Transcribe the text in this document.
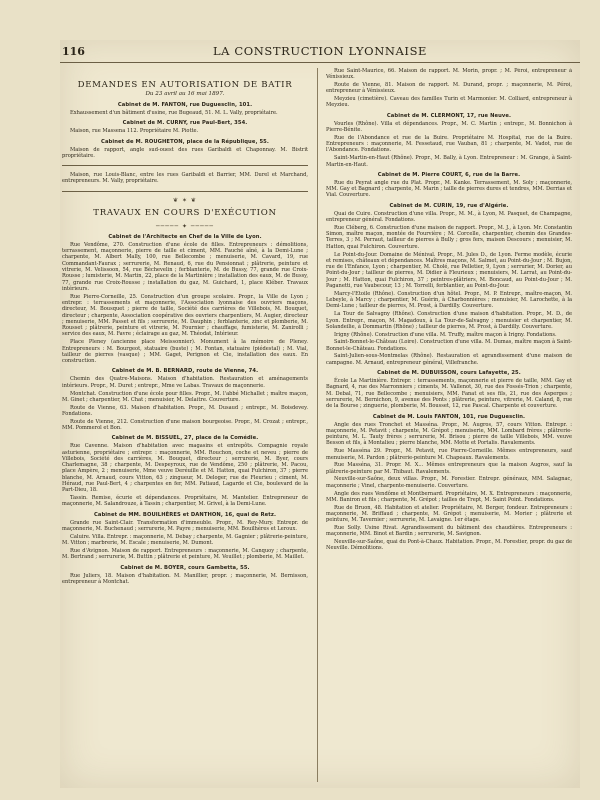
116	LA CONSTRUCTION LYONNAISE
DEMANDES EN AUTORISATION DE BATIR
Du 23 avril au 16 mai 1897.
Cabinet de M. FANTON, rue Duguesclin, 101.

Exhaussement d'un bâtiment d'usine, rue Bugeaud, 51. M. L. Vally, propriétaire.

Cabinet de M. CURNY, rue Paul-Bert, 354.

Maison, rue Massena 112. Propriétaire M. Piotte.

Cabinet de M. ROUGHETON, place de la République, 55.

Maison de rapport, angle sud-ouest des rues Garibaldi et Chaponnay. M. Bistrit propriétaire.

Maison, rue Louis-Blanc, entre les rues Garibaldi et Barrier, MM. Durel et Marchand, entrepreneurs. M. Vally, propriétaire.

❦ ✶ ❦
TRAVAUX EN COURS D'EXÉCUTION
───── ✦ ─────
Cabinet de l'Architecte en Chef de la Ville de Lyon.

Rue Vendôme, 270. Construction d'une école de filles. Entrepreneurs : démolitions, terrassement, maçonnerie, pierre de taille et ciment, MM. Fauché aîné, à la Demi-Lune ; charpente, M. Albert Mally, 100, rue Bellecombe ; menuiserie, M. Cavard, 19, rue Commandant-Faurax ; serrurerie, M. Renaud, 6, rue du Pensionnat ; plâtrerie, peinture et vitrerie, M. Velissoon, 54, rue Bèchevelin ; ferblanterie, M. de Bussy, 77, grande rue Croix-Rousse ; lumisterie, M. Martin, 22, place de la Martinière ; installation des eaux, M. de Bussy, 77, grande rue Croix-Rousse ; installation du gaz, M. Guichard, 1, place Kléber. Travaux intérieurs.

Rue Pierre-Corneille, 25. Construction d'un groupe scolaire. Propr., la Ville de Lyon ; entrepr. : terrassements et maçonnerie, l'Association lyonnaise des ouvriers maçons, directeur, M. Bousquet ; pierre de taille, Société des carrières de Villebois, M. Bouquet, directeur ; charpente, Association coopérative des ouvriers charpentiers, M. Augier, directeur ; menuiserie, MM. Passet et fils ; serrurerie, M. Dauphin ; ferblanterie, zinc et plomberie, M. Rousset ; plâtrerie, peinture et vitrerie, M. Fournier ; chauffage, fumisterie, M. Zanirolli ; service des eaux, M. Favre ; éclairage au gaz, M. Théodat, Intérieur.

Place Pleney (ancienne place Meissonnier). Monument à la mémoire de Pleney. Entrepreneurs : M. Bourgeot, statuaire (buste) ; M. Fontan, statuaire (piédestal) ; M. Vial, tailleur de pierres (vasque) ; MM. Gaget, Perignon et Cie, installation des eaux. En construction.

Cabinet de M. B. BERNARD, route de Vienne, 74.

Chemin des Quatre-Maisons. Maison d'habitation. Restauration et aménagements intérieurs. Propr., M. Duret ; entrepr., Mme ve Labas. Travaux de maçonnerie.

Montchat. Construction d'une école pour filles. Propr., M. l'abbé Michallet ; maître maçon, M. Ginet ; charpentier, M. Chat ; menuisier, M. Delaitre. Couverture.

Route de Vienne, 63. Maison d'habitation. Propr., M. Dusaud ; entrepr., M. Boisdevey. Fondations.

Route de Vienne, 212. Construction d'une maison bourgeoise. Propr., M. Crozat ; entrepr., MM. Pommerol et Bon.

Cabinet de M. BISSUEL, 27, place de la Comédie.

Rue Cavenne. Maison d'habitation avec magasins et entrepôts. Compagnie royale asturienne, propriétaire ; entrepr. : maçonnerie, MM. Rouchon, coche et neveu ; pierre de Villebois, Société des carrières, M. Bouquet, directeur ; serrurerie, M. Byer, cours Charlemagne, 38 ; charpente, M. Despeyroux, rue de Vendôme, 250 ; plâtrerie, M. Pacou, place Ampère, 2 ; menuiserie, Mme veuve Deréuille et M. Hatton, quai Fulchiron, 37 ; pierre blanche, M. Arnaud, cours Vitton, 63 ; zingueur, M. Deloger, rue de Fleurieu ; ciment, M. Héraud, rue Paul-Bert, 4 ; charpentes en fer, MM. Patiaud, Lagarde et Cie, boulevard de la Part-Dieu, 18.

Tassin. Remise, écurie et dépendances. Propriétaire, M. Mantelier. Entrepreneur de maçonnerie, M. Salandrouze, à Tassin ; charpentier, M. Grivel, à la Demi-Lune.

Cabinet de MM. BOUILHÈRES et DANTHON, 16, quai de Retz.

Grande rue Saint-Clair. Transformation d'immeuble. Propr., M. Rey-Mury. Entrepr. de maçonnerie, M. Buchenaud ; serrurerie, M. Payre ; menuiserie, MM. Bouilhères et Leroux.

Caluire. Villa. Entrepr. : maçonnerie, M. Debay ; charpente, M. Gagnier ; plâtrerie-peinture, M. Vitton ; marbrerie, M. Escale ; menuiserie, M. Dumont.

Rue d'Avignon. Maison de rapport. Entrepreneurs : maçonnerie, M. Canquoy ; charpente, M. Bertrand ; serrurerie, M. Buttin ; plâtrerie et peinture, M. Veuillet ; plomberie, M. Maillet.

Cabinet de M. BOYER, cours Gambetta, 55.

Rue Juliers, 18. Maison d'habitation. M. Manillier, propr. ; maçonnerie, M. Bernisson, entrepreneur à Montchat.

Rue Saint-Maurice, 66. Maison de rapport. M. Morin, propr. ; M. Péroi, entrepreneur à Vénissieux.

Route de Vienne, 81. Maison de rapport. M. Durand, propr. ; maçonnerie, M. Péroi, entrepreneur à Vénissieux.

Meyzieu (cimetière). Caveau des familles Turin et Marmonier. M. Colliard, entrepreneur à Meyzieu.

Cabinet de M. CLERMONT, 17, rue Neuve.

Vourles (Rhône). Villa et dépendances. Propr., M. C. Martin ; entrepr., M. Bonnichon à Pierre-Bénite.

Rue de l'Abondance et rue de la Buire. Propriétaire M. Hospital, rue de la Buire. Entrepreneurs : maçonnerie, M. Fessetaud, rue Vauban, 81 ; charpente, M. Vadot, rue de l'Abondance. Fondations.

Saint-Martin-en-Haut (Rhône). Propr., M. Bally, à Lyon. Entrepreneur : M. Grange, à Saint-Martin-en-Haut.

Cabinet de M. Pierre COURT, 6, rue de la Barre.

Rue du Peyrat angle rue du Plat. Propr., M. Kanke. Terrassement, M. Soly ; maçonnerie, MM. Gay et Bagnard ; charpente, M. Marin ; taille de pierres dures et tendres, MM. Derrias et Vial. Couverture.

Cabinet de M. CURIN, 19, rue d'Algérie.

Quai de Cuire. Construction d'une villa. Propr., M. M., à Lyon, M. Pasquet, de Champagne, entrepreneur général. Fondations.

Rue Cléberg, 6. Construction d'une maison de rapport. Propr., M. J., à Lyon. Mr. Constantin Simon, maître maçon, montée de Fourvière ; M. Corcelle, charpentier, chemin des Grandes-Terres, 3 ; M. Perraut, tailleur de pierres à Bully ; gros fers, maison Descours ; menuisier, M. Hatton, quai Fulchiron. Couverture.

Le Point-du-Jour. Domaine de Ménival. Propr., M. Jules D., de Lyon. Ferme modèle, écurie et remises, châteaux et dépendances. Maîtres maçons, M. Salmet, au Point-du-Jour ; M. Bujon, rue de l'Enfance, Lyon ; charpentier, M. Cholé, rue Pelletier, 9, Lyon ; serrurier, M. Dorier, au Point-du-Jour ; tailleur de pierres, M. Didier à Fleurieux ; menuisiers, M. Larrat, au Point-du-Jour ; M. Hatton, quai Fulchiron, 37 ; peintres-plâtriers, M. Boncaud, au Point-du-Jour ; M. Paganetti, rue Vaubecour, 13 ; M. Torrelli, ferblantier, au Point-du-Jour.

Marcy-l'Etoile (Rhône). Construction d'un hôtel. Propr., M. P. Entrepr., maître-maçon, M. Lebeyle, à Marcy ; charpentier, M. Guérin, à Charbonnières ; menuisier, M. Larochette, à la Demi-Lune ; tailleur de pierres, M. Prost, à Dardilly. Couverture.

La Tour de Salvagny (Rhône). Construction d'une maison d'habitation. Propr., M. D., de Lyon. Entrepr., maçon, M. Magadoux, à La Tour-de-Salvagny ; menuisier et charpentier, M. Solandeilie, à Dommartin (Rhône) ; tailleur de pierres, M. Prost, à Dardilly. Couverture.

Irigny (Rhône). Construction d'une villa. M. Truffy, maître maçon à Irigny. Fondations.

Saint-Bonnet-le-Château (Loire). Construction d'une villa. M. Dumas, maître maçon à Saint-Bonnet-le-Château. Fondations.

Saint-Julien-sous-Montmelas (Rhône). Restauration et agrandissement d'une maison de campagne. M. Arnaud, entrepreneur général, Villefranche.

Cabinet de M. DUBUISSON, cours Lafayette, 25.

École La Martinière. Entrepr. : terrassements, maçonnerie et pierre de taille, MM. Gay et Bagnard, 4, rue des Marronniers ; ciments, M. Vallenot, 30, rue des Fossés-Trion ; charpente, M. Debal, 71, rue Bellecombe ; menuisiers, MM. Fanat et ses fils, 21, rue des Asperges ; serrurerie, M. Bernichon, 9, avenue des Ponts ; plâtrerie, peinture, vitrerie, M. Caland, 8, rue de la Bourse ; zinguerie, plomberie, M. Bousset, 12, rue Pascal. Charpente et couverture.

Cabinet de M. Louis FANTON, 101, rue Duguesclin.

Angle des rues Tronchet et Masséna. Propr., M. Augros, 57, cours Vitton. Entrepr. : maçonnerie, M. Petavit ; charpente, M. Grépot ; menuiserie, MM. Lombard frères ; plâtrerie-peinture, M. L. Tauty frères ; serrurerie, M. Brisou ; pierre de taille Villebois, MM. veuve Besson et fils, à Montalieu ; pierre blanche, MM. Motte et Portalis. Ravalements.

Rue Masséna 29. Propr., M. Petavit, rue Pierre-Corneille. Mêmes entrepreneurs, sauf menuiserie, M. Pardon ; plâtrerie-peinture M. Chapeaux. Ravalements.

Rue Masséna, 31. Propr. M. X... Mêmes entrepreneurs que la maison Augros, sauf la plâtrerie-peinture par M. Thibaut. Ravalements.

Neuville-sur-Saône, deux villas. Propr., M. Forestier. Entrepr. généraux, MM. Salagnac, maçonnerie ; Vinel, charpente-menuiserie. Couverture.

Angle des rues Vendôme et Montbernard. Propriétaire, M. X. Entrepreneurs : maçonnerie, MM. Baniron et fils ; charpente, M. Grépot ; tailles de Trept, M. Saint Point. Fondations.

Rue de Bruon, 48. Habitation et atelier. Propriétaire, M. Berger, fondeur. Entrepreneurs : maçonnerie, M. Briffaud ; charpente, M. Grépot ; menuiserie, M. Morier ; plâtrerie et peinture, M. Tavernier ; serrurerie, M. Lavaigne. 1er étage.

Rue Solly. Usine Rivat. Agrandissement du bâtiment des chaudières. Entrepreneurs : maçonnerie, MM. Binot et Bardin ; serrurerie, M. Savignon.

Neuville-sur-Saône, quai du Pont-à-Chaux. Habitation. Propr., M. Forestier, propr. du gaz de Neuville. Démolitions.
